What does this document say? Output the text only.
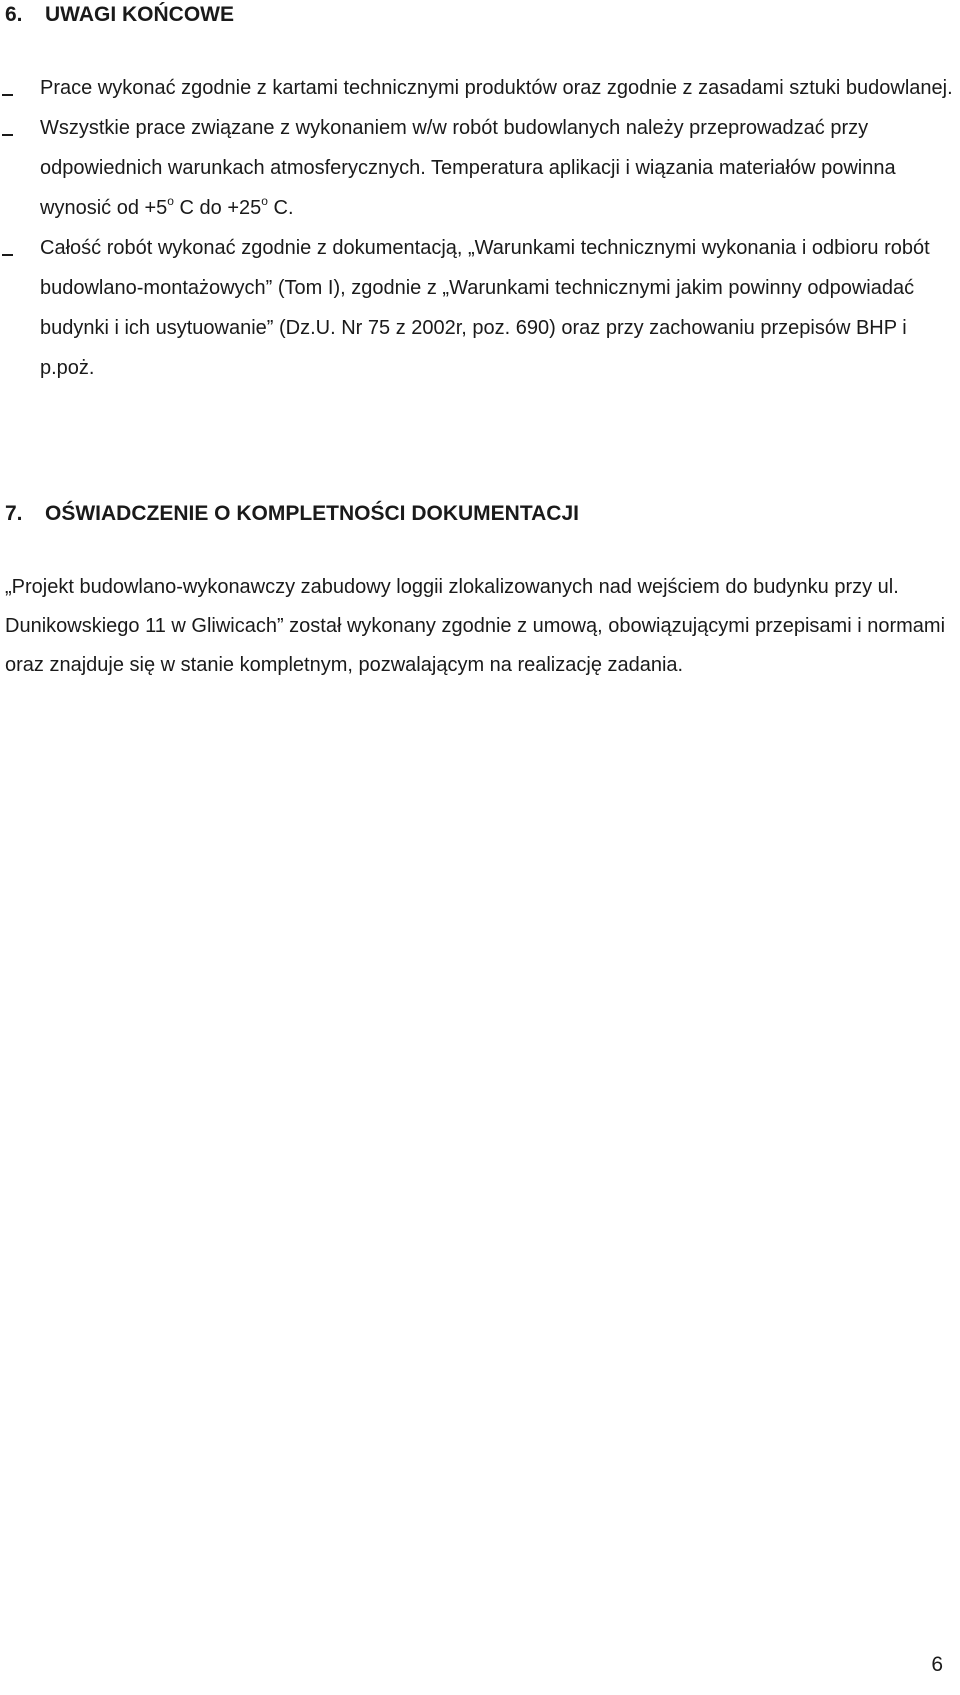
6. UWAGI KOŃCOWE
Prace wykonać zgodnie z kartami technicznymi produktów oraz zgodnie z zasadami sztuki budowlanej.
Wszystkie prace związane z wykonaniem w/w robót budowlanych należy przeprowadzać przy odpowiednich warunkach atmosferycznych. Temperatura aplikacji i wiązania materiałów powinna wynosić od $+5^o$ C do $+25^o$ C.
Całość robót wykonać zgodnie z dokumentacją, „Warunkami technicznymi wykonania i odbioru robót budowlano-montażowych” (Tom I), zgodnie z „Warunkami technicznymi jakim powinny odpowiadać budynki i ich usytuowanie” (Dz.U. Nr 75 z 2002r, poz. 690) oraz przy zachowaniu przepisów BHP i p.poż.
7. OŚWIADCZENIE O KOMPLETNOŚCI DOKUMENTACJI

„Projekt budowlano-wykonawczy zabudowy loggii zlokalizowanych nad wejściem do budynku przy ul. Dunikowskiego 11 w Gliwicach” został wykonany zgodnie z umową, obowiązującymi przepisami i normami oraz znajduje się w stanie kompletnym, pozwalającym na realizację zadania.

6
